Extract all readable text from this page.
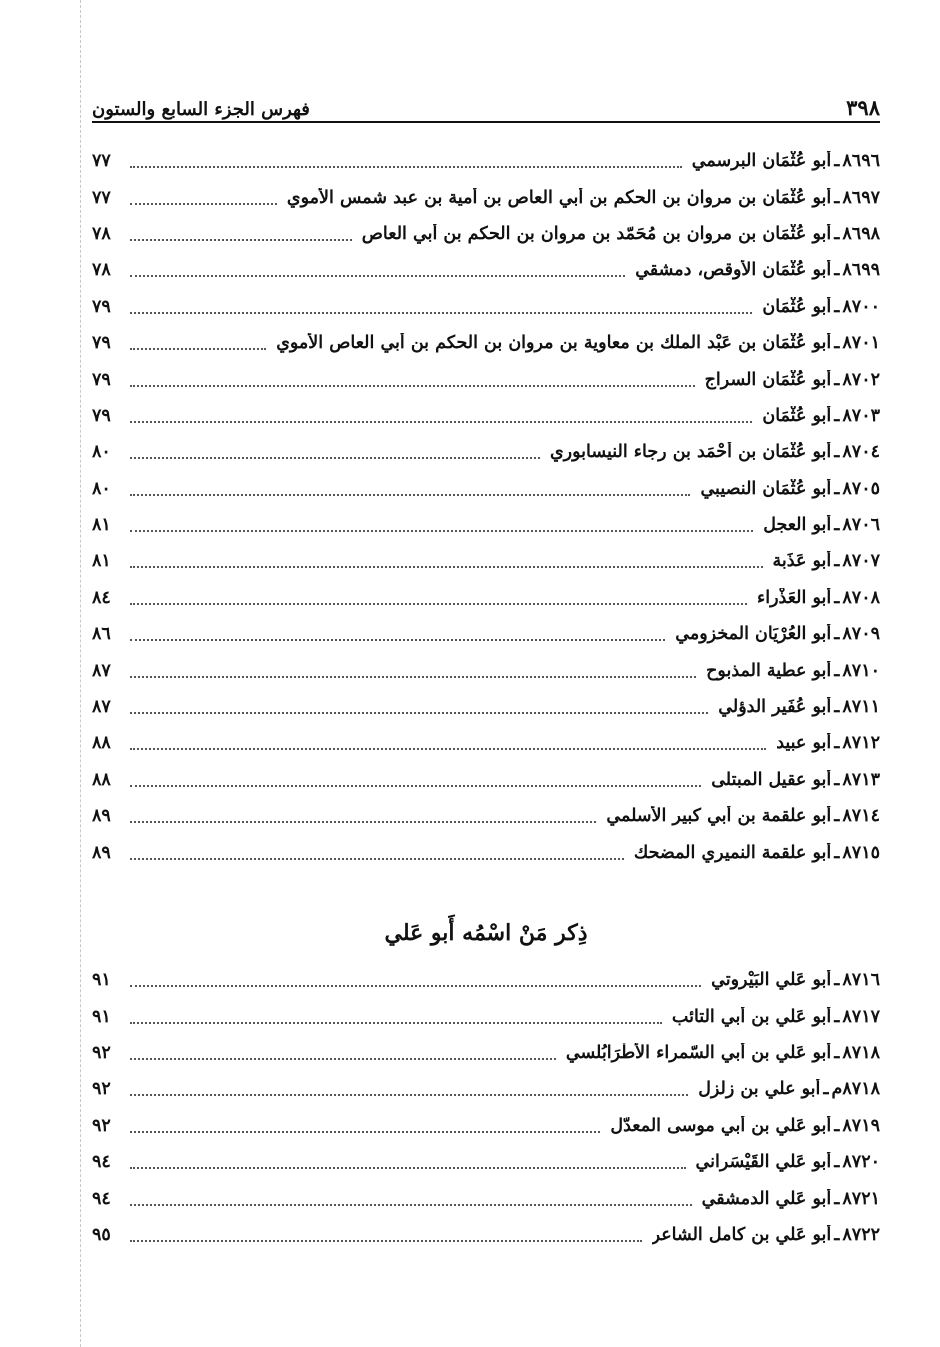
٣٩٨
فهرس الجزء السابع والستون
٨٦٩٦
ـ
أَبو عُثْمَان البرسمي
٧٧
٨٦٩٧
ـ
أَبو عُثْمَان بن مروان بن الحكم بن أَبي العاص بن أمية بن عبد شمس الأموي
٧٧
٨٦٩٨
ـ
أَبو عُثْمَان بن مروان بن مُحَمّد بن مروان بن الحكم بن أَبي العاص
٧٨
٨٦٩٩
ـ
أَبو عُثْمَان الأوقص، دمشقي
٧٨
٨٧٠٠
ـ
أَبو عُثْمَان
٧٩
٨٧٠١
ـ
أَبو عُثْمَان بن عَبْد الملك بن معاوية بن مروان بن الحكم بن أَبي العاص الأموي
٧٩
٨٧٠٢
ـ
أَبو عُثْمَان السراج
٧٩
٨٧٠٣
ـ
أَبو عُثْمَان
٧٩
٨٧٠٤
ـ
أَبو عُثْمَان بن أَحْمَد بن رجاء النيسابوري
٨٠
٨٧٠٥
ـ
أَبو عُثْمَان النصيبي
٨٠
٨٧٠٦
ـ
أَبو العجل
٨١
٨٧٠٧
ـ
أَبو عَذَبة
٨١
٨٧٠٨
ـ
أَبو العَذْراء
٨٤
٨٧٠٩
ـ
أَبو العُرْيَان المخزومي
٨٦
٨٧١٠
ـ
أَبو عطية المذبوح
٨٧
٨٧١١
ـ
أَبو عُفَير الدؤلي
٨٧
٨٧١٢
ـ
أَبو عبيد
٨٨
٨٧١٣
ـ
أَبو عقيل المبتلى
٨٨
٨٧١٤
ـ
أَبو علقمة بن أَبي كبير الأسلمي
٨٩
٨٧١٥
ـ
أَبو علقمة النميري المضحك
٨٩
ذِكر مَنْ اسْمُه أَبو عَلي
٨٧١٦
ـ
أَبو عَلي البَيْروتي
٩١
٨٧١٧
ـ
أَبو عَلي بن أَبي التائب
٩١
٨٧١٨
ـ
أَبو عَلي بن أَبي السّمراء الأَطْرَابُلسي
٩٢
٨٧١٨م
ـ
أبو علي بن زلزل
٩٢
٨٧١٩
ـ
أَبو عَلي بن أَبي موسى المعدّل
٩٢
٨٧٢٠
ـ
أَبو عَلي القَيْسَراني
٩٤
٨٧٢١
ـ
أَبو عَلي الدمشقي
٩٤
٨٧٢٢
ـ
أَبو عَلي بن كامل الشاعر
٩٥
